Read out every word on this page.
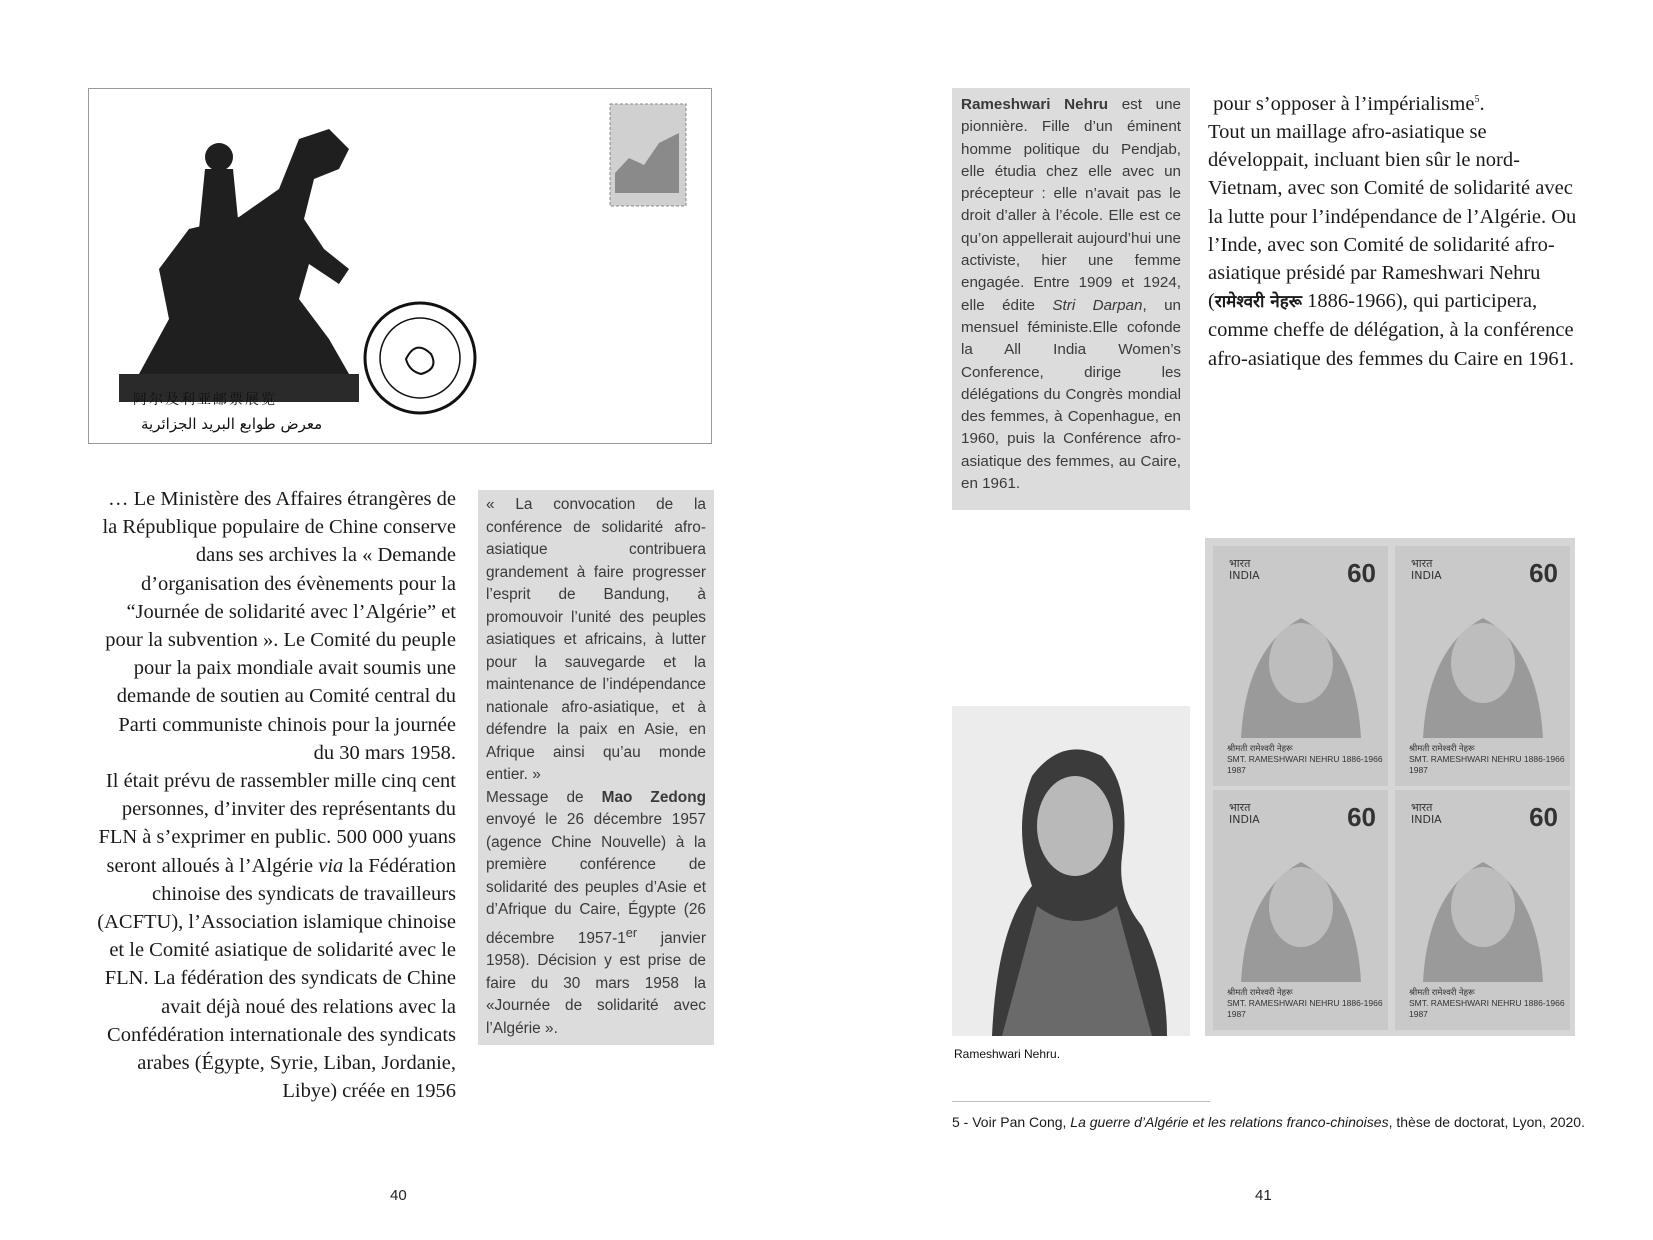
阿尔及利亚邮票展览
معرض طوابع البريد الجزائرية

… Le Ministère des Affaires étrangères de la République populaire de Chine conserve dans ses archives la « Demande d’organisation des évènements pour la “Journée de solidarité avec l’Algérie” et pour la subvention ». Le Comité du peuple pour la paix mondiale avait soumis une demande de soutien au Comité central du Parti communiste chinois pour la journée du 30 mars 1958.

Il était prévu de rassembler mille cinq cent personnes, d’inviter des représentants du FLN à s’exprimer en public. 500 000 yuans seront alloués à l’Algérie via la Fédération chinoise des syndicats de travailleurs (ACFTU), l’Association islamique chinoise et le Comité asiatique de solidarité avec le FLN. La fédération des syndicats de Chine avait déjà noué des relations avec la Confédération internationale des syndicats arabes (Égypte, Syrie, Liban, Jordanie, Libye) créée en 1956

« La convocation de la conférence de solidarité afro-asiatique contribuera grandement à faire progresser l’esprit de Bandung, à promouvoir l’unité des peuples asiatiques et africains, à lutter pour la sauvegarde et la maintenance de l’indépendance nationale afro-asiatique, et à défendre la paix en Asie, en Afrique ainsi qu’au monde entier. »

Message de Mao Zedong envoyé le 26 décembre 1957 (agence Chine Nouvelle) à la première conférence de solidarité des peuples d’Asie et d’Afrique du Caire, Égypte (26 décembre 1957-1er janvier 1958). Décision y est prise de faire du 30 mars 1958 la «Journée de solidarité avec l’Algérie ».

40

Rameshwari Nehru est une pionnière. Fille d’un éminent homme politique du Pendjab, elle étudia chez elle avec un précepteur : elle n’avait pas le droit d’aller à l’école. Elle est ce qu’on appellerait aujourd’hui une activiste, hier une femme engagée. Entre 1909 et 1924, elle édite Stri Darpan, un mensuel féministe.Elle cofonde la All India Women’s Conference, dirige les délégations du Congrès mondial des femmes, à Copenhague, en 1960, puis la Conférence afro-asiatique des femmes, au Caire, en 1961.

pour s’opposer à l’impérialisme$^5$.

Tout un maillage afro-asiatique se développait, incluant bien sûr le nord-Vietnam, avec son Comité de solidarité avec la lutte pour l’indépendance de l’Algérie. Ou l’Inde, avec son Comité de solidarité afro-asiatique présidé par Rameshwari Nehru (रामेश्वरी नेहरू 1886-1966), qui participera, comme cheffe de délégation, à la conférence afro-asiatique des femmes du Caire en 1961.

Rameshwari Nehru.
भारत
INDIA	60
श्रीमती रामेश्वरी नेहरू
SMT. RAMESHWARI NEHRU 1886-1966
1987
भारत
INDIA	60
श्रीमती रामेश्वरी नेहरू
SMT. RAMESHWARI NEHRU 1886-1966
1987
भारत
INDIA	60
श्रीमती रामेश्वरी नेहरू
SMT. RAMESHWARI NEHRU 1886-1966
1987
भारत
INDIA	60
श्रीमती रामेश्वरी नेहरू
SMT. RAMESHWARI NEHRU 1886-1966
1987
5 - Voir Pan Cong, La guerre d’Algérie et les relations franco-chinoises, thèse de doctorat, Lyon, 2020.
41
